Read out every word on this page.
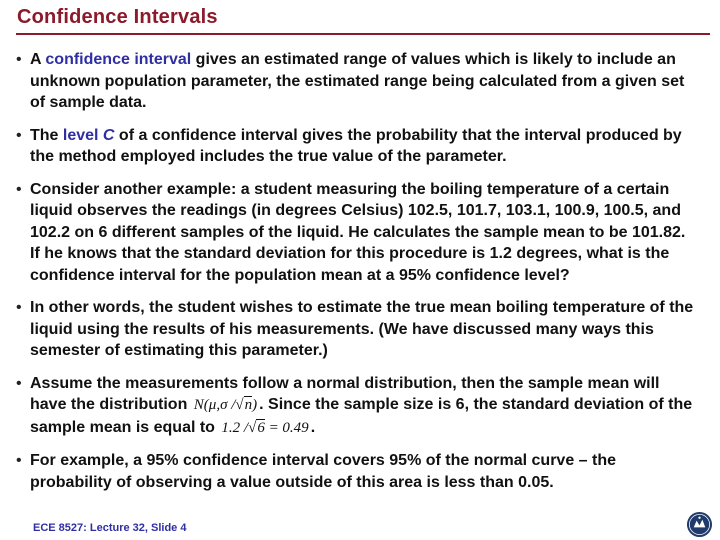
Confidence Intervals
• A confidence interval gives an estimated range of values which is likely to include an unknown population parameter, the estimated range being calculated from a given set of sample data.
• The level C of a confidence interval gives the probability that the interval produced by the method employed includes the true value of the parameter.
• Consider another example: a student measuring the boiling temperature of a certain liquid observes the readings (in degrees Celsius) 102.5, 101.7, 103.1, 100.9, 100.5, and 102.2 on 6 different samples of the liquid. He calculates the sample mean to be 101.82. If he knows that the standard deviation for this procedure is 1.2 degrees, what is the confidence interval for the population mean at a 95% confidence level?
• In other words, the student wishes to estimate the true mean boiling temperature of the liquid using the results of his measurements. (We have discussed many ways this semester of estimating this parameter.)
• Assume the measurements follow a normal distribution, then the sample mean will have the distribution N(μ,σ /√n) . Since the sample size is 6, the standard deviation of the sample mean is equal to 1.2 /√6 = 0.49 .
• For example, a 95% confidence interval covers 95% of the normal curve – the probability of observing a value outside of this area is less than 0.05.
ECE 8527: Lecture 32, Slide 4
